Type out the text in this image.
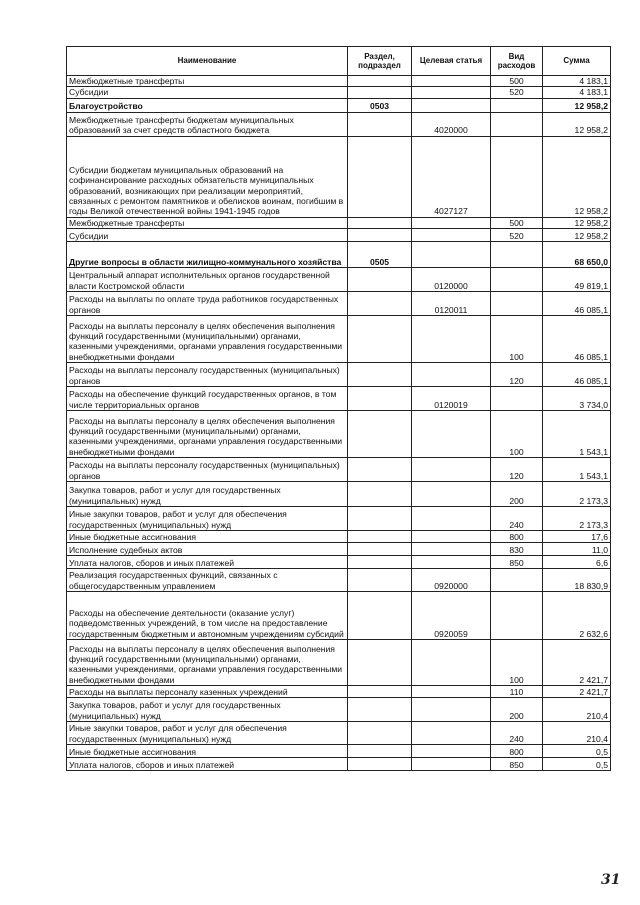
Наименование	Раздел, подраздел	Целевая статья	Вид расходов	Сумма
Межбюджетные трансферты			500	4 183,1
Субсидии			520	4 183,1
Благоустройство	0503			12 958,2
Межбюджетные трансферты бюджетам муниципальных образований за счет средств областного бюджета		4020000		12 958,2
Субсидии бюджетам муниципальных образований на софинансирование расходных обязательств муниципальных образований, возникающих при реализации мероприятий, связанных с ремонтом памятников и обелисков воинам, погибшим в годы Великой отечественной войны 1941-1945 годов		4027127		12 958,2
Межбюджетные трансферты			500	12 958,2
Субсидии			520	12 958,2
Другие вопросы в области жилищно-коммунального хозяйства	0505			68 650,0
Центральный аппарат исполнительных органов государственной власти Костромской области		0120000		49 819,1
Расходы на выплаты по оплате труда работников государственных органов		0120011		46 085,1
Расходы на выплаты персоналу в целях обеспечения выполнения функций государственными (муниципальными) органами, казенными учреждениями, органами управления государственными внебюджетными фондами			100	46 085,1
Расходы на выплаты персоналу государственных (муниципальных) органов			120	46 085,1
Расходы на обеспечение функций государственных органов, в том числе территориальных органов		0120019		3 734,0
Расходы на выплаты персоналу в целях обеспечения выполнения функций государственными (муниципальными) органами, казенными учреждениями, органами управления государственными внебюджетными фондами			100	1 543,1
Расходы на выплаты персоналу государственных (муниципальных) органов			120	1 543,1
Закупка товаров, работ и услуг для государственных (муниципальных) нужд			200	2 173,3
Иные закупки товаров, работ и услуг для обеспечения государственных (муниципальных) нужд			240	2 173,3
Иные бюджетные ассигнования			800	17,6
Исполнение судебных актов			830	11,0
Уплата налогов, сборов и иных платежей			850	6,6
Реализация государственных функций, связанных с общегосударственным управлением		0920000		18 830,9
Расходы на обеспечение деятельности (оказание услуг) подведомственных учреждений, в том числе на предоставление государственным бюджетным и автономным учреждениям субсидий		0920059		2 632,6
Расходы на выплаты персоналу в целях обеспечения выполнения функций государственными (муниципальными) органами, казенными учреждениями, органами управления государственными внебюджетными фондами			100	2 421,7
Расходы на выплаты персоналу казенных учреждений			110	2 421,7
Закупка товаров, работ и услуг для государственных (муниципальных) нужд			200	210,4
Иные закупки товаров, работ и услуг для обеспечения государственных (муниципальных) нужд			240	210,4
Иные бюджетные ассигнования			800	0,5
Уплата налогов, сборов и иных платежей			850	0,5
31
